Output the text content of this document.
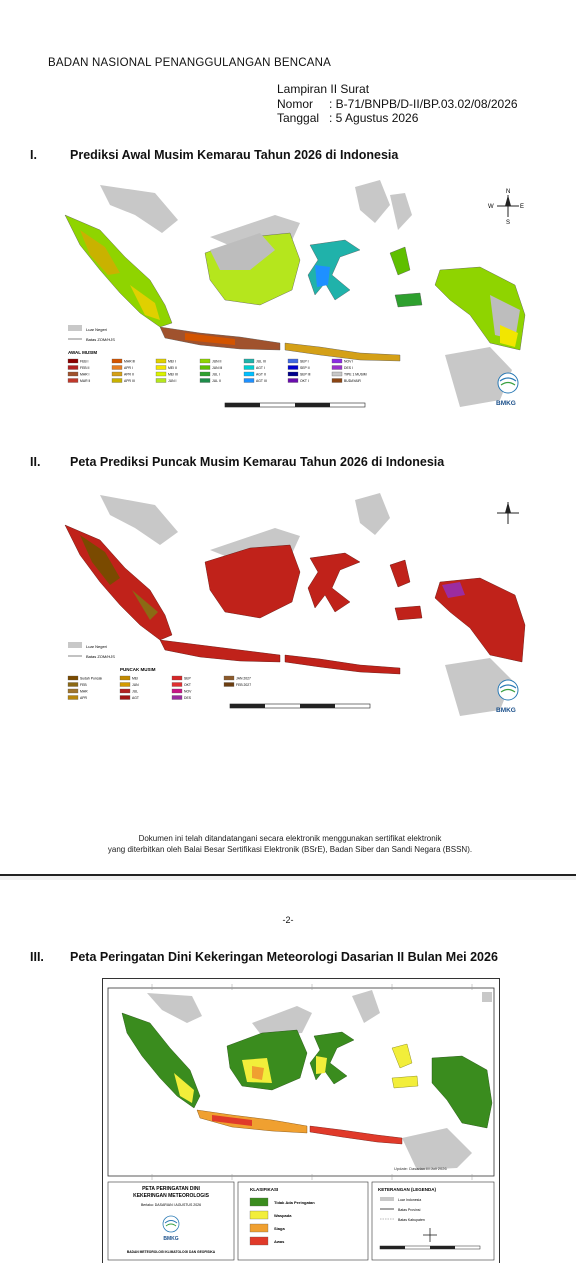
BADAN NASIONAL PENANGGULANGAN BENCANA
Lampiran II Surat
Nomor	: B-71/BNPB/D-II/BP.03.02/08/2026
Tanggal : 5 Agustus 2026
I.	Prediksi Awal Musim Kemarau Tahun 2026 di Indonesia
II. Peta Prediksi Puncak Musim Kemarau Tahun 2026 di Indonesia
III. Peta Peringatan Dini Kekeringan Meteorologi Dasarian II Bulan Mei 2026
N
E
S
W
Luar Negeri
Batas ZOM/HJS
AWAL MUSIM
FEB I
FEB II
MAR I
MAR II
MAR III
APR I
APR II
APR III
MEI I
MEI II
MEI III
JUN I
JUN II
JUN III
JUL I
JUL II
JUL III
AGT I
AGT II
AGT III
SEP I
SEP II
SEP III
OKT I
NOV I
DES I
TIPE 1 MUSIM
BUDAYAIR
BMKG
Luar Negeri
Batas ZOM/HJS
PUNCAK MUSIM
Sudah Puncak
FEB
MAR
APR
MEI
JUN
JUL
AGT
SEP
OKT
NOV
DES
JAN 2027
FEB 2027
BMKG
Dokumen ini telah ditandatangani secara elektronik menggunakan sertifikat elektronik
yang diterbitkan oleh Balai Besar Sertifikasi Elektronik (BSrE), Badan Siber dan Sandi Negara (BSSN).
-2-
Update: Dasarian III Juli 2026
PETA PERINGATAN DINI
KEKERINGAN METEOROLOGIS
Berlaku: DASARIAN I AGUSTUS 2026
BMKG
BADAN METEOROLOGI KLIMATOLOGI DAN GEOFISIKA
KLASIFIKASI
Tidak Ada Peringatan
Waspada
Siaga
Awas
KETERANGAN (LEGENDA)
Luar Indonesia
Batas Provinsi
Batas Kabupaten
